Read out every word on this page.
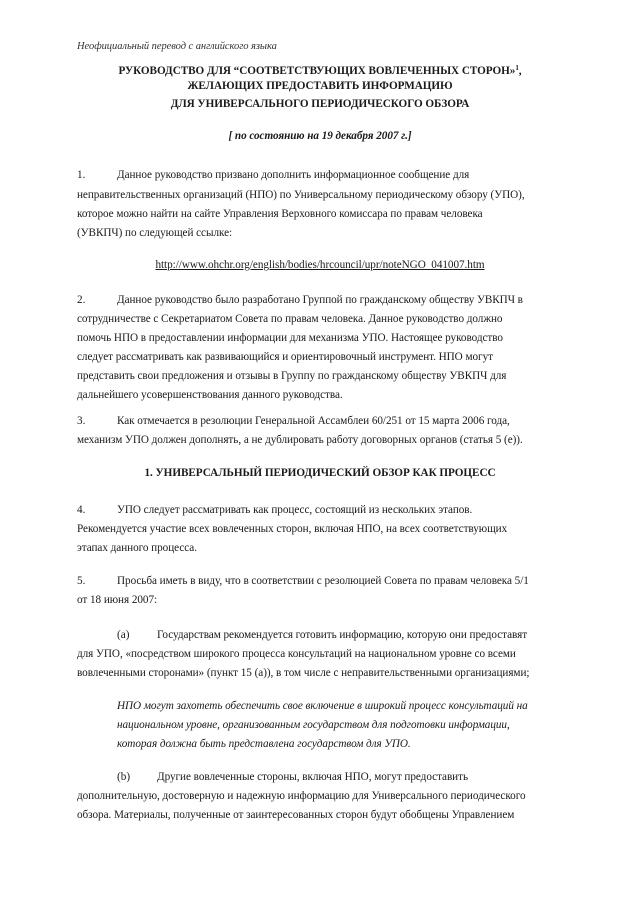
Неофициальный перевод с английского языка
РУКОВОДСТВО ДЛЯ “СООТВЕТСТВУЮЩИХ ВОВЛЕЧЕННЫХ СТОРОН»$^1$,
ЖЕЛАЮЩИХ ПРЕДОСТАВИТЬ ИНФОРМАЦИЮ
ДЛЯ УНИВЕРСАЛЬНОГО ПЕРИОДИЧЕСКОГО ОБЗОРА
[ по состоянию на 19 декабря 2007 г.]
1.	Данное руководство призвано дополнить информационное сообщение для
неправительственных организаций (НПО) по Универсальному периодическому обзору (УПО),
которое можно найти на сайте Управления Верховного комиссара по правам человека
(УВКПЧ) по следующей ссылке:
http://www.ohchr.org/english/bodies/hrcouncil/upr/noteNGO_041007.htm
2.	Данное руководство было разработано Группой по гражданскому обществу УВКПЧ в
сотрудничестве с Секретариатом Совета по правам человека. Данное руководство должно
помочь НПО в предоставлении информации для механизма УПО. Настоящее руководство
следует рассматривать как развивающийся и ориентировочный инструмент. НПО могут
представить свои предложения и отзывы в Группу по гражданскому обществу УВКПЧ для
дальнейшего усовершенствования данного руководства.
3.	Как отмечается в резолюции Генеральной Ассамблеи 60/251 от 15 марта 2006 года,
механизм УПО должен дополнять, а не дублировать работу договорных органов (статья 5 (е)).
1. УНИВЕРСАЛЬНЫЙ ПЕРИОДИЧЕСКИЙ ОБЗОР КАК ПРОЦЕСС
4.	УПО следует рассматривать как процесс, состоящий из нескольких этапов.
Рекомендуется участие всех вовлеченных сторон, включая НПО, на всех соответствующих
этапах данного процесса.
5.	Просьба иметь в виду, что в соответствии с резолюцией Совета по правам человека 5/1
от 18 июня 2007:
(a) Государствам рекомендуется готовить информацию, которую они предоставят
для УПО, «посредством широкого процесса консультаций на национальном уровне со всеми
вовлеченными сторонами» (пункт 15 (а)), в том числе с неправительственными организациями;
НПО могут захотеть обеспечить свое включение в широкий процесс консультаций на
национальном уровне, организованным государством для подготовки информации,
которая должна быть представлена государством для УПО.
(b) Другие вовлеченные стороны, включая НПО, могут предоставить
дополнительную, достоверную и надежную информацию для Универсального периодического
обзора. Материалы, полученные от заинтересованных сторон будут обобщены Управлением
